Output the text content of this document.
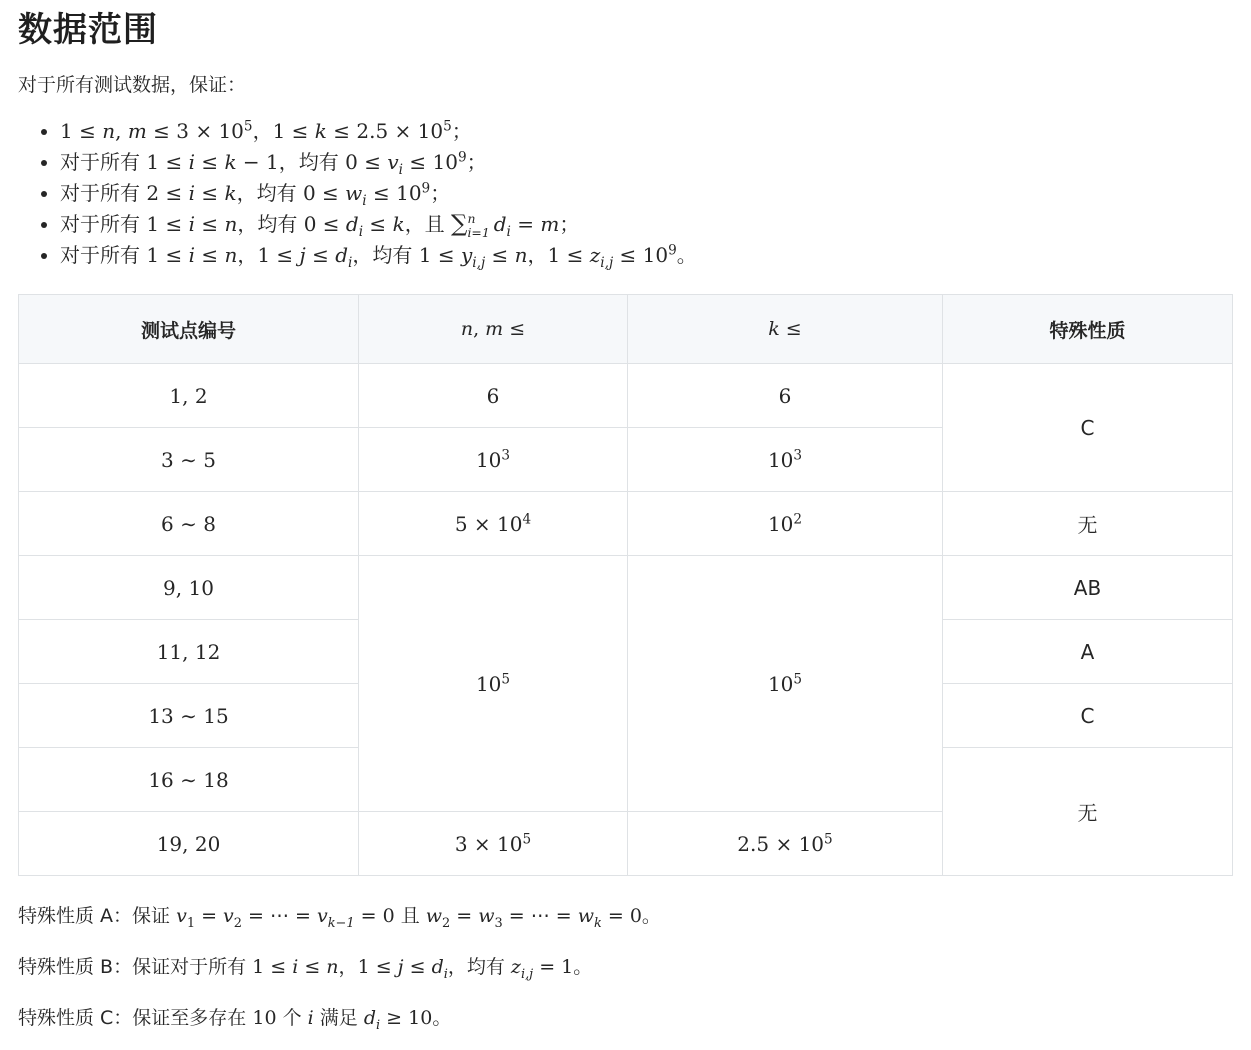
数据范围

对于所有测试数据，保证：

• 1 ≤ n, $m \le 3 \times 10^5$，$1 \le k \le 2.5 \times 10^5$；
• 对于所有 1 ≤ i ≤ k − 1，均有 $0 \le v_i \le 10^9$；
• 对于所有 2 ≤ i ≤ k，均有 $0 \le w_i \le 10^9$；
• 对于所有 1 ≤ i ≤ n，均有 $0 \le d_i \le k$，且 ∑ n
i=1 $d_i = m$；
• 对于所有 1 ≤ i ≤ n，$1 \le j \le d_i$，均有 $1 \le y_{i,j} \le n$，$1 \le z_{i,j} \le 10^9$。
测试点编号	n, m ≤	k ≤	特殊性质
1, 2	6	6	C
3 ∼ 5	$10^3$	$10^3$
6 ∼ 8	$5 \times 10^4$	$10^2$	无
9, 10	$10^5$	$10^5$	AB
11, 12			A
13 ∼ 15			C
16 ∼ 18			无
19, 20	$3 \times 10^5$	$2.5 \times 10^5$

特殊性质 A：保证 $v_1 = v_2$ = ⋯ = $v_{k-1} = 0$ 且 $w_2 = w_3$ = ⋯ = $w_k = 0$。

特殊性质 B：保证对于所有 1 ≤ i ≤ n，$1 \le j \le d_i$，均有 $z_{i,j} = 1$。

特殊性质 C：保证至多存在 10 个 i 满足 $d_i \ge 10$。
